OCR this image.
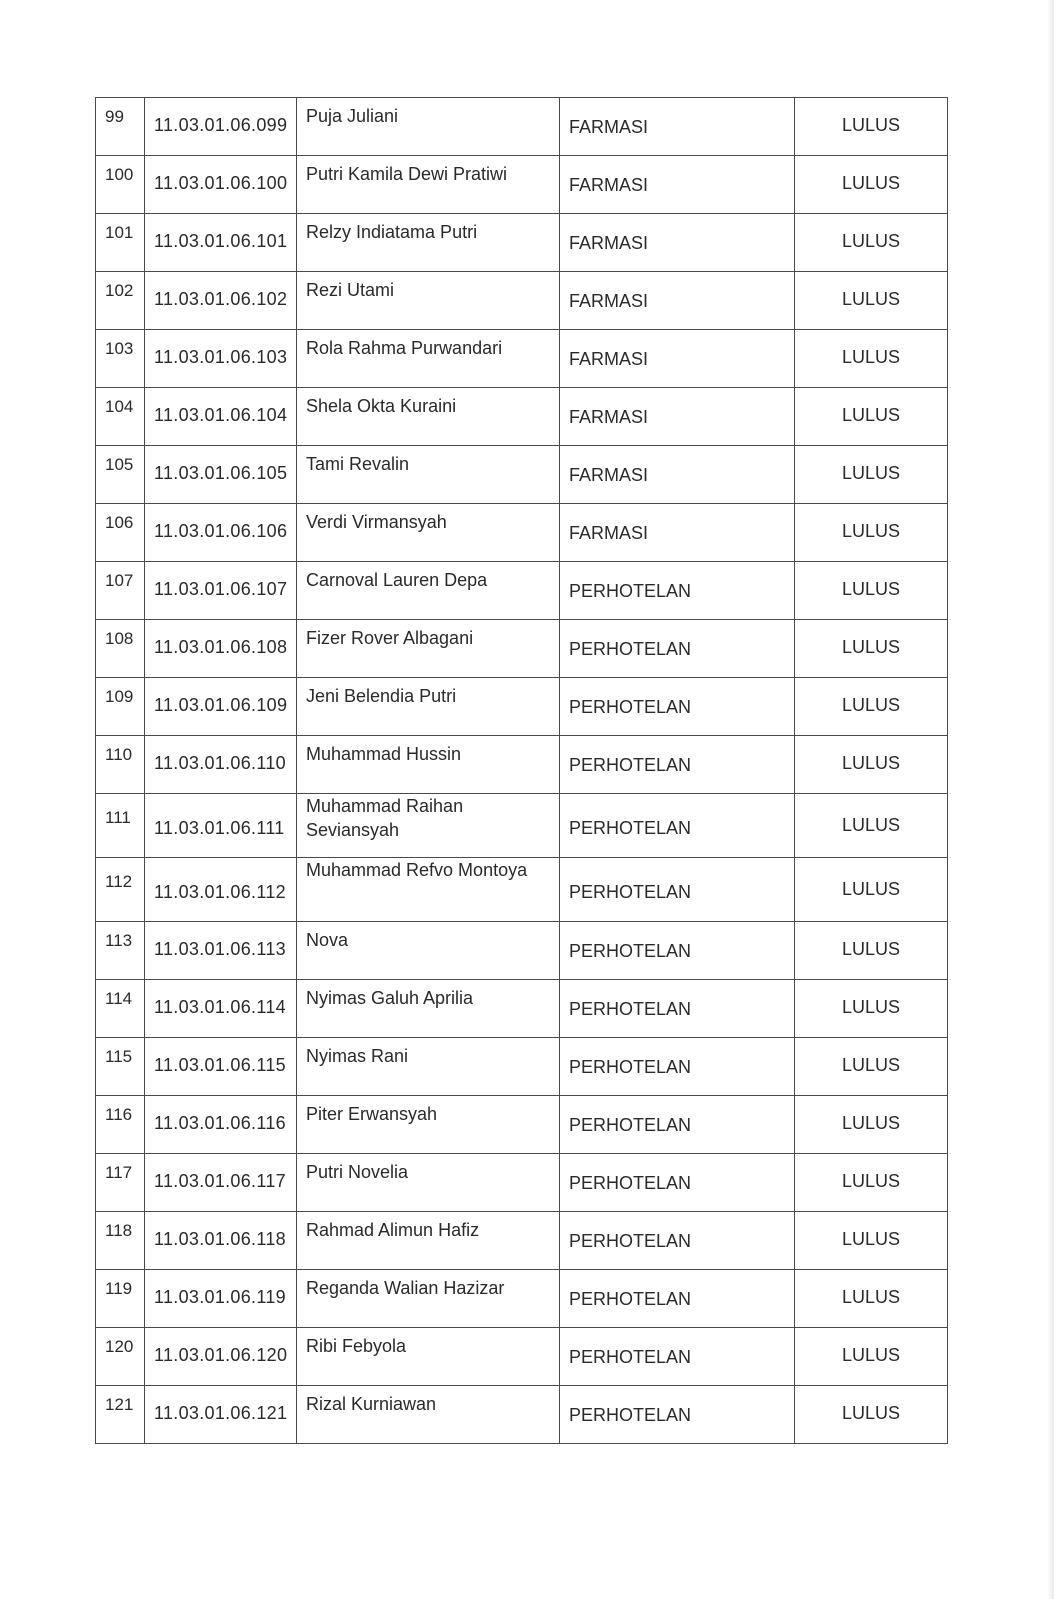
99	11.03.01.06.099	Puja Juliani	FARMASI	LULUS

100	11.03.01.06.100	Putri Kamila Dewi Pratiwi	FARMASI	LULUS

101	11.03.01.06.101	Relzy Indiatama Putri	FARMASI	LULUS

102	11.03.01.06.102	Rezi Utami	FARMASI	LULUS

103	11.03.01.06.103	Rola Rahma Purwandari	FARMASI	LULUS

104	11.03.01.06.104	Shela Okta Kuraini	FARMASI	LULUS

105	11.03.01.06.105	Tami Revalin	FARMASI	LULUS

106	11.03.01.06.106	Verdi Virmansyah	FARMASI	LULUS

107	11.03.01.06.107	Carnoval Lauren Depa	PERHOTELAN	LULUS

108	11.03.01.06.108	Fizer Rover Albagani	PERHOTELAN	LULUS

109	11.03.01.06.109	Jeni Belendia Putri	PERHOTELAN	LULUS

110	11.03.01.06.110	Muhammad Hussin	PERHOTELAN	LULUS

111	11.03.01.06.111	Muhammad Raihan Seviansyah	PERHOTELAN	LULUS

112	11.03.01.06.112	Muhammad Refvo Montoya	PERHOTELAN	LULUS

113	11.03.01.06.113	Nova	PERHOTELAN	LULUS

114	11.03.01.06.114	Nyimas Galuh Aprilia	PERHOTELAN	LULUS

115	11.03.01.06.115	Nyimas Rani	PERHOTELAN	LULUS

116	11.03.01.06.116	Piter Erwansyah	PERHOTELAN	LULUS

117	11.03.01.06.117	Putri Novelia	PERHOTELAN	LULUS

118	11.03.01.06.118	Rahmad Alimun Hafiz	PERHOTELAN	LULUS

119	11.03.01.06.119	Reganda Walian Hazizar	PERHOTELAN	LULUS

120	11.03.01.06.120	Ribi Febyola	PERHOTELAN	LULUS

121	11.03.01.06.121	Rizal Kurniawan	PERHOTELAN	LULUS
